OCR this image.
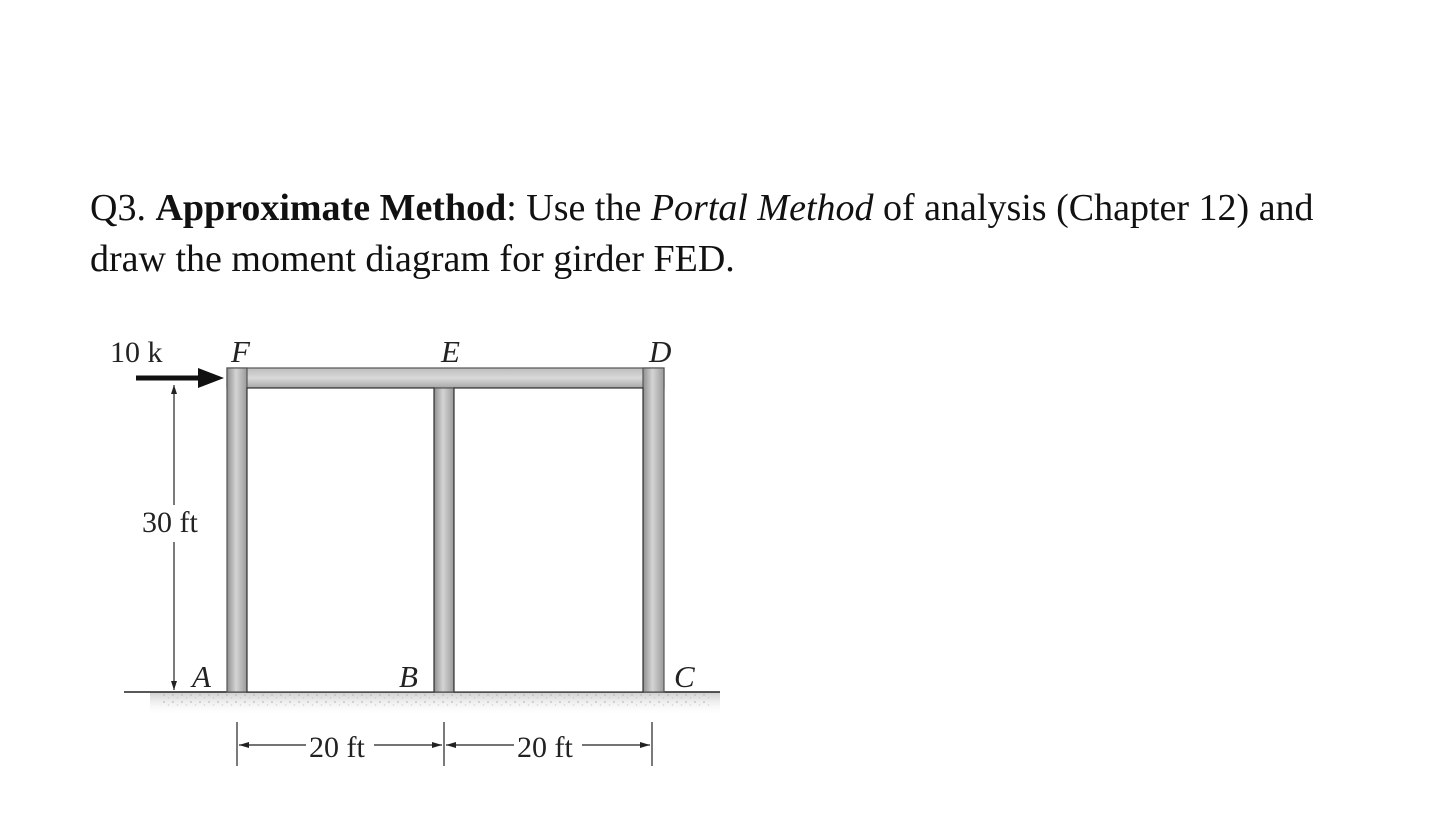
Q3. Approximate Method: Use the Portal Method of analysis (Chapter 12) and
draw the moment diagram for girder FED.

10 k F	E	D
A	B	C
30 ft
20 ft	20 ft
